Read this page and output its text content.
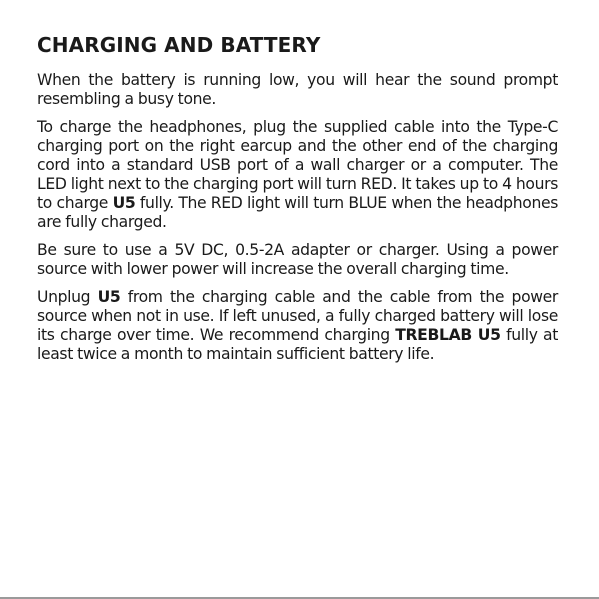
CHARGING AND BATTERY

When the battery is running low, you will hear the sound prompt resembling a busy tone.

To charge the headphones, plug the supplied cable into the Type-C charging port on the right earcup and the other end of the charging cord into a standard USB port of a wall charger or a computer. The LED light next to the charging port will turn RED. It takes up to 4 hours to charge U5 fully. The RED light will turn BLUE when the headphones are fully charged.

Be sure to use a 5V DC, 0.5-2A adapter or charger. Using a power source with lower power will increase the overall charging time.

Unplug U5 from the charging cable and the cable from the power source when not in use. If left unused, a fully charged battery will lose its charge over time. We recommend charging TREBLAB U5 fully at least twice a month to maintain sufficient battery life.
